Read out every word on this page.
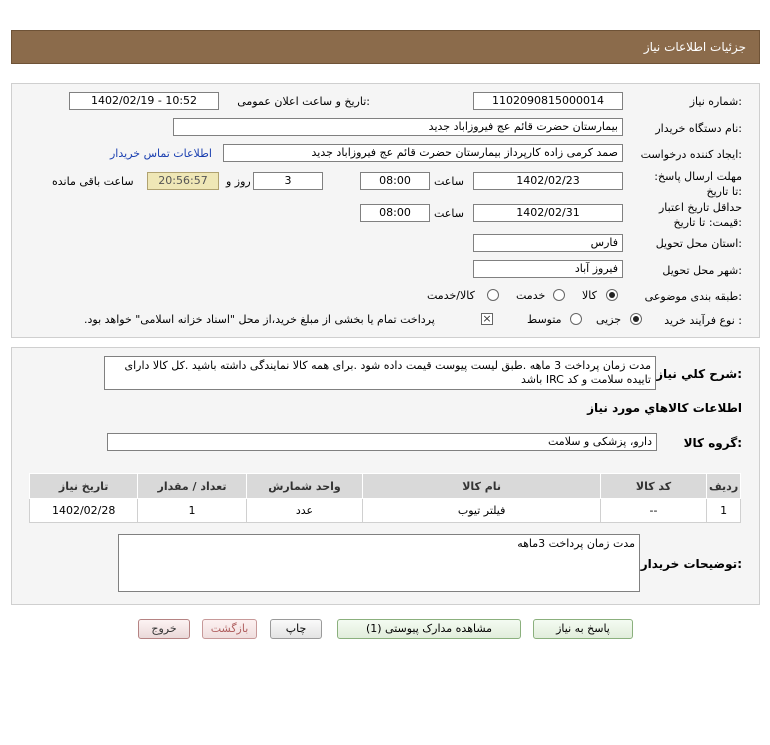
جزئیات اطلاعات نیاز
شماره نیاز:
1102090815000014
تاریخ و ساعت اعلان عمومی:
1402/02/19 - 10:52
نام دستگاه خریدار:
بیمارستان حضرت قائم عج فیروزاباد جدید
ایجاد کننده درخواست:
صمد کرمی زاده کارپرداز بیمارستان حضرت قائم عج فیروزاباد جدید
اطلاعات تماس خریدار
مهلت ارسال پاسخ: تا تاریخ:
1402/02/23
ساعت
08:00
3
روز و
20:56:57
ساعت باقی مانده
حداقل تاریخ اعتبار قیمت: تا تاریخ:
1402/02/31
ساعت
08:00
استان محل تحویل:
فارس
شهر محل تحویل:
فیروز آباد
طبقه بندی موضوعی:
کالا
خدمت
کالا/خدمت
نوع فرآیند خرید :
جزیی
متوسط
×
پرداخت تمام یا بخشی از مبلغ خرید،از محل "اسناد خزانه اسلامی" خواهد بود.
شرح کلي نياز:
مدت زمان پرداخت 3 ماهه .طبق لیست پیوست قیمت داده شود .برای همه کالا نمایندگی داشته باشید .کل کالا دارای تاییده سلامت و کد IRC باشد
اطلاعات کالاهاي مورد نياز
گروه کالا:
دارو، پزشکی و سلامت
ردیف	کد کالا	نام کالا	واحد شمارش	تعداد / مقدار	تاریخ نیاز
1	--	فیلتر تیوب	عدد	1	1402/02/28
توضیحات خریدار:
مدت زمان پرداخت 3ماهه
پاسخ به نیاز
مشاهده مدارک پیوستی (1)
چاپ
بازگشت
خروج
